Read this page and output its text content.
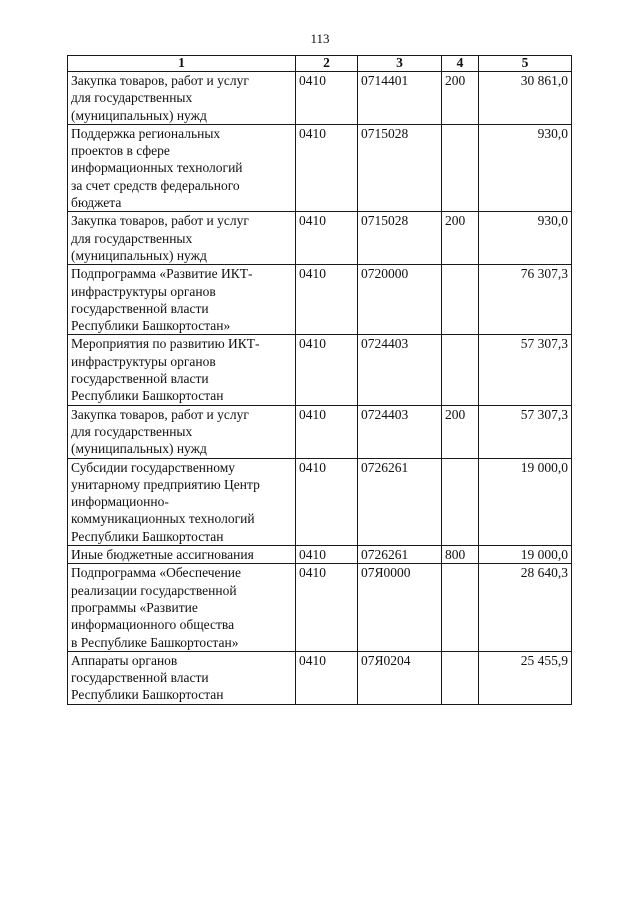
113
1	2	3	4	5

Закупка товаров, работ и услуг
для государственных
(муниципальных) нужд	0410	0714401	200	30 861,0

Поддержка региональных
проектов в сфере
информационных технологий
за счет средств федерального
бюджета	0410	0715028		930,0

Закупка товаров, работ и услуг
для государственных
(муниципальных) нужд	0410	0715028	200	930,0

Подпрограмма «Развитие ИКТ-
инфраструктуры органов
государственной власти
Республики Башкортостан»	0410	0720000		76 307,3

Мероприятия по развитию ИКТ-
инфраструктуры органов
государственной власти
Республики Башкортостан	0410	0724403		57 307,3

Закупка товаров, работ и услуг
для государственных
(муниципальных) нужд	0410	0724403	200	57 307,3

Субсидии государственному
унитарному предприятию Центр
информационно-
коммуникационных технологий
Республики Башкортостан	0410	0726261		19 000,0

Иные бюджетные ассигнования	0410	0726261	800	19 000,0

Подпрограмма «Обеспечение
реализации государственной
программы «Развитие
информационного общества
в Республике Башкортостан»	0410	07Я0000		28 640,3

Аппараты органов
государственной власти
Республики Башкортостан	0410	07Я0204		25 455,9
